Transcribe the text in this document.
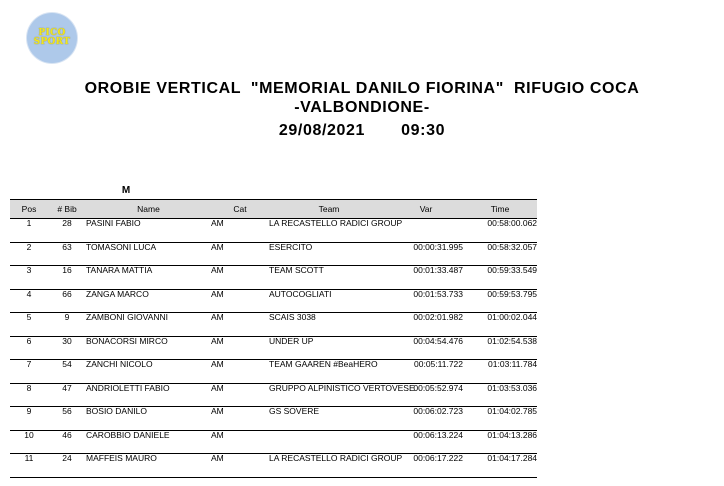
PICO
SPORT
OROBIE VERTICAL  "MEMORIAL DANILO FIORINA"  RIFUGIO COCA
-VALBONDIONE-
29/08/2021 09:30
M						
Pos	# Bib	Name	Cat	Team	Var	Time
1	28	PASINI FABIO	AM	LA RECASTELLO RADICI GROUP		00:58:00.062
2	63	TOMASONI LUCA	AM	ESERCITO	00:00:31.995	00:58:32.057
3	16	TANARA MATTIA	AM	TEAM SCOTT	00:01:33.487	00:59:33.549
4	66	ZANGA MARCO	AM	AUTOCOGLIATI	00:01:53.733	00:59:53.795
5	9	ZAMBONI GIOVANNI	AM	SCAIS 3038	00:02:01.982	01:00:02.044
6	30	BONACORSI MIRCO	AM	UNDER UP	00:04:54.476	01:02:54.538
7	54	ZANCHI NICOLO	AM	TEAM GAAREN #BeaHERO	00:05:11.722	01:03:11.784
8	47	ANDRIOLETTI FABIO	AM	GRUPPO ALPINISTICO VERTOVESE	00:05:52.974	01:03:53.036
9	56	BOSIO DANILO	AM	GS SOVERE	00:06:02.723	01:04:02.785
10	46	CAROBBIO DANIELE	AM		00:06:13.224	01:04:13.286
11	24	MAFFEIS MAURO	AM	LA RECASTELLO RADICI GROUP	00:06:17.222	01:04:17.284
